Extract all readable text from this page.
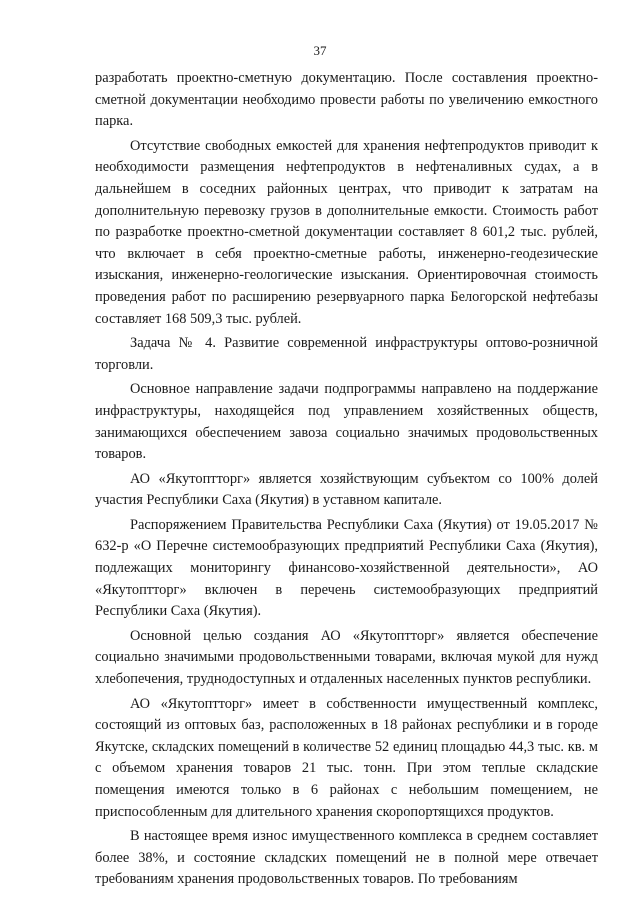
37

разработать проектно-сметную документацию. После составления проектно-сметной документации необходимо провести работы по увеличению емкостного парка.

Отсутствие свободных емкостей для хранения нефтепродуктов приводит к необходимости размещения нефтепродуктов в нефтеналивных судах, а в дальнейшем в соседних районных центрах, что приводит к затратам на дополнительную перевозку грузов в дополнительные емкости. Стоимость работ по разработке проектно-сметной документации составляет 8 601,2 тыс. рублей, что включает в себя проектно-сметные работы, инженерно-геодезические изыскания, инженерно-геологические изыскания. Ориентировочная стоимость проведения работ по расширению резервуарного парка Белогорской нефтебазы составляет 168 509,3 тыс. рублей.

Задача № 4. Развитие современной инфраструктуры оптово-розничной торговли.

Основное направление задачи подпрограммы направлено на поддержание инфраструктуры, находящейся под управлением хозяйственных обществ, занимающихся обеспечением завоза социально значимых продовольственных товаров.

АО «Якутоптторг» является хозяйствующим субъектом со 100% долей участия Республики Саха (Якутия) в уставном капитале.

Распоряжением Правительства Республики Саха (Якутия) от 19.05.2017 № 632-р «О Перечне системообразующих предприятий Республики Саха (Якутия), подлежащих мониторингу финансово-хозяйственной деятельности», АО «Якутоптторг» включен в перечень системообразующих предприятий Республики Саха (Якутия).

Основной целью создания АО «Якутоптторг» является обеспечение социально значимыми продовольственными товарами, включая мукой для нужд хлебопечения, труднодоступных и отдаленных населенных пунктов республики.

АО «Якутоптторг» имеет в собственности имущественный комплекс, состоящий из оптовых баз, расположенных в 18 районах республики и в городе Якутске, складских помещений в количестве 52 единиц площадью 44,3 тыс. кв. м с объемом хранения товаров 21 тыс. тонн. При этом теплые складские помещения имеются только в 6 районах с небольшим помещением, не приспособленным для длительного хранения скоропортящихся продуктов.

В настоящее время износ имущественного комплекса в среднем составляет более 38%, и состояние складских помещений не в полной мере отвечает требованиям хранения продовольственных товаров. По требованиям
